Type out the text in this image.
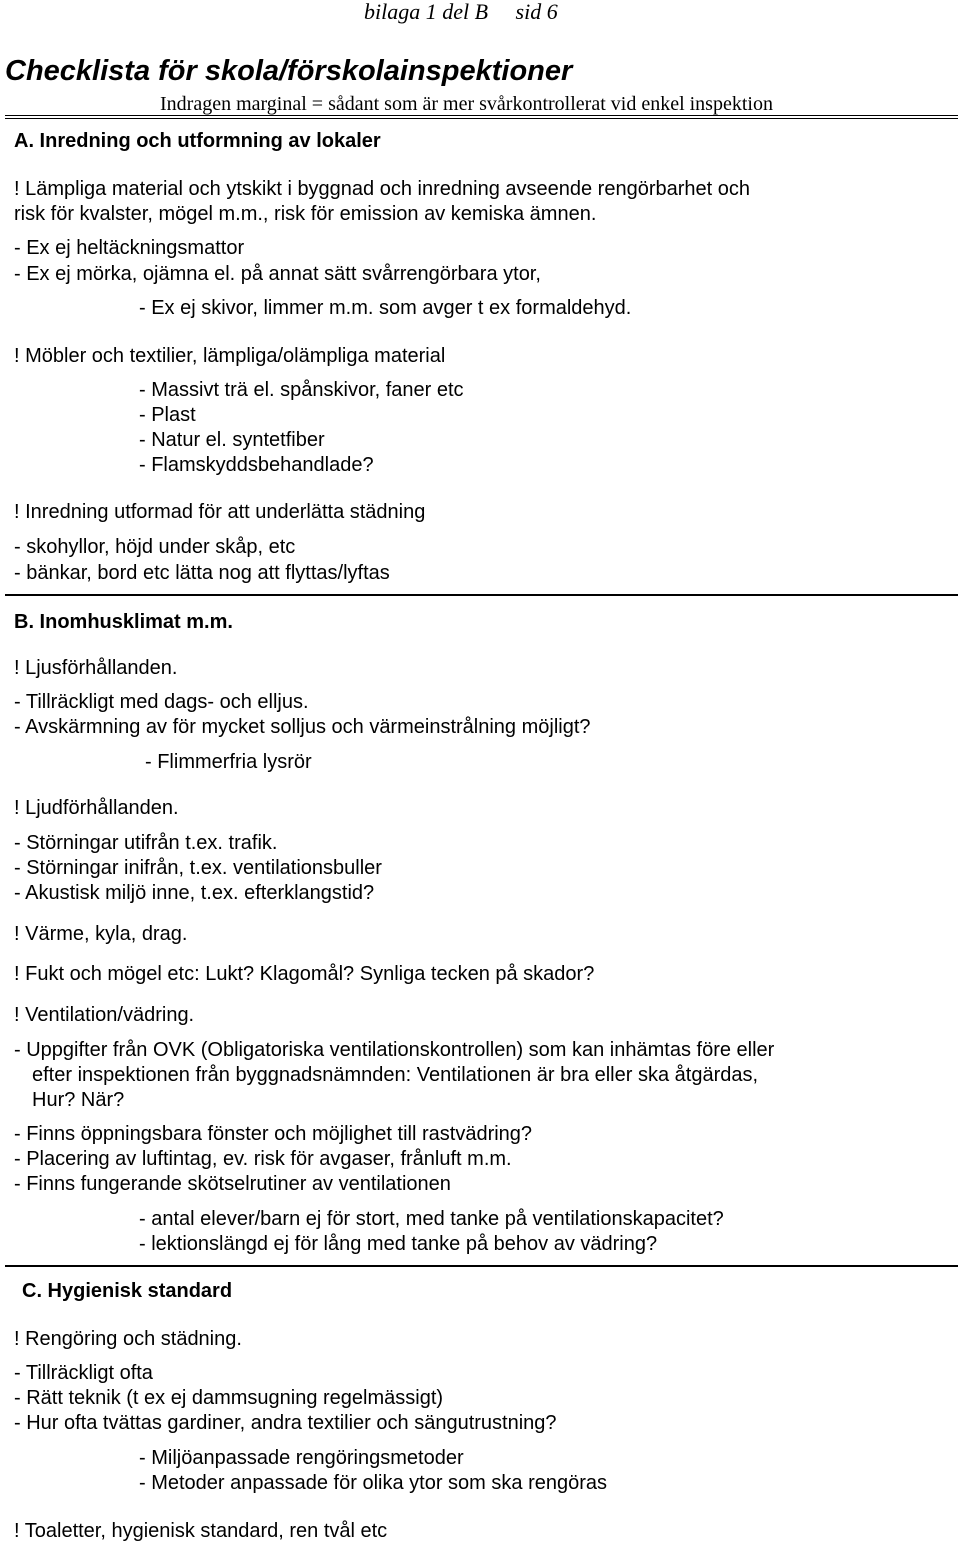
bilaga 1 del B     sid 6
Checklista för skola/förskolainspektioner
Indragen marginal = sådant som är mer svårkontrollerat vid enkel inspektion
A. Inredning och utformning av lokaler
! Lämpliga material och ytskikt i byggnad och inredning avseende rengörbarhet och
risk för kvalster, mögel m.m., risk för emission av kemiska ämnen.
- Ex ej heltäckningsmattor
- Ex ej mörka, ojämna el. på annat sätt svårrengörbara ytor,
- Ex ej skivor, limmer m.m. som avger t ex formaldehyd.
! Möbler och textilier, lämpliga/olämpliga material
- Massivt trä el. spånskivor, faner etc
- Plast
- Natur el. syntetfiber
- Flamskyddsbehandlade?
! Inredning utformad för att underlätta städning
- skohyllor, höjd under skåp, etc
- bänkar, bord etc lätta nog att flyttas/lyftas
B. Inomhusklimat m.m.
! Ljusförhållanden.
- Tillräckligt med dags- och elljus.
- Avskärmning av för mycket solljus och värmeinstrålning möjligt?
- Flimmerfria lysrör
! Ljudförhållanden.
- Störningar utifrån t.ex. trafik.
- Störningar inifrån, t.ex. ventilationsbuller
- Akustisk miljö inne, t.ex. efterklangstid?
! Värme, kyla, drag.
! Fukt och mögel etc: Lukt? Klagomål? Synliga tecken på skador?
! Ventilation/vädring.
- Uppgifter från OVK (Obligatoriska ventilationskontrollen) som kan inhämtas före eller
efter inspektionen från byggnadsnämnden: Ventilationen är bra eller ska åtgärdas,
Hur? När?
- Finns öppningsbara fönster och möjlighet till rastvädring?
- Placering av luftintag, ev. risk för avgaser, frånluft m.m.
- Finns fungerande skötselrutiner av ventilationen
- antal elever/barn ej för stort, med tanke på ventilationskapacitet?
- lektionslängd ej för lång med tanke på behov av vädring?
C. Hygienisk standard
! Rengöring och städning.
- Tillräckligt ofta
- Rätt teknik (t ex ej dammsugning regelmässigt)
- Hur ofta tvättas gardiner, andra textilier och sängutrustning?
- Miljöanpassade rengöringsmetoder
- Metoder anpassade för olika ytor som ska rengöras
! Toaletter, hygienisk standard, ren tvål etc
